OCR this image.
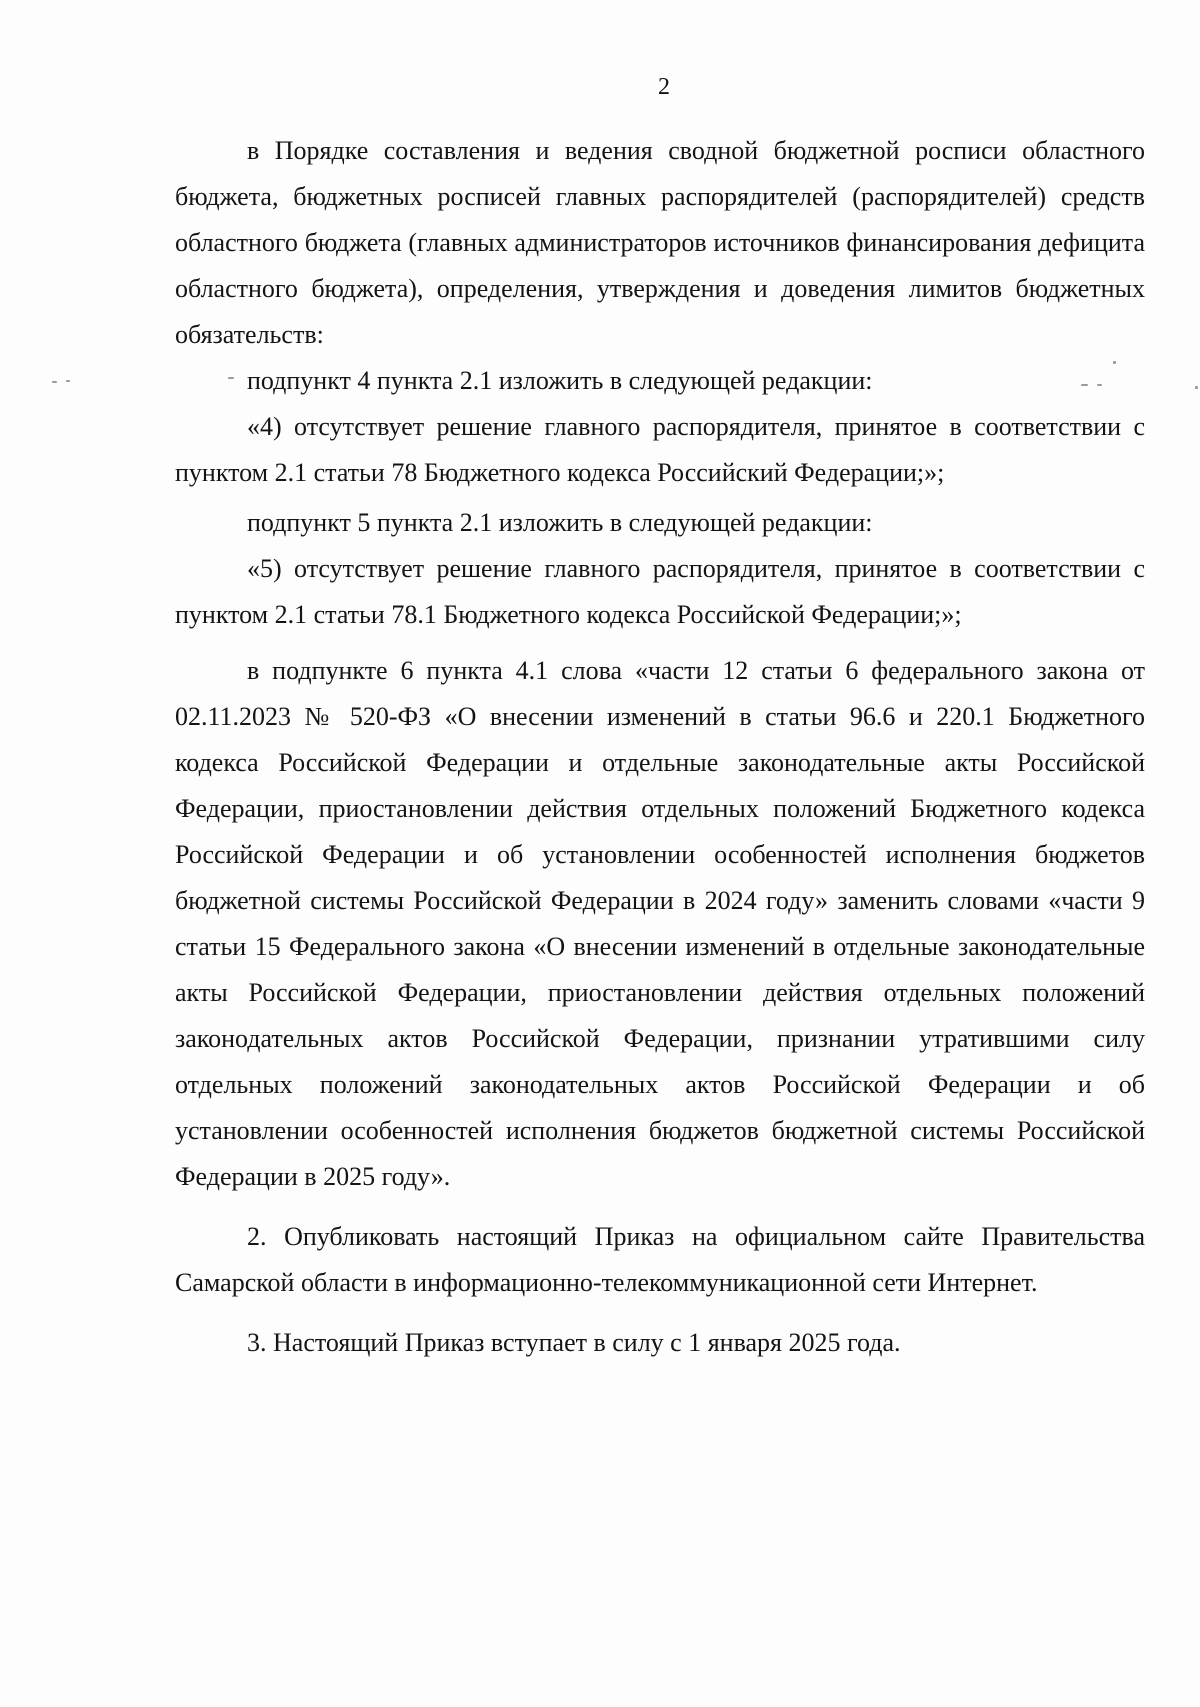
2

в Порядке составления и ведения сводной бюджетной росписи областного бюджета, бюджетных росписей главных распорядителей (распорядителей) средств областного бюджета (главных администраторов источников финансирования дефицита областного бюджета), определения, утверждения и доведения лимитов бюджетных обязательств:

подпункт 4 пункта 2.1 изложить в следующей редакции:

«4) отсутствует решение главного распорядителя, принятое в соответствии с пунктом 2.1 статьи 78 Бюджетного кодекса Российский Федерации;»;

подпункт 5 пункта 2.1 изложить в следующей редакции:

«5) отсутствует решение главного распорядителя, принятое в соответствии с пунктом 2.1 статьи 78.1 Бюджетного кодекса Российской Федерации;»;

в подпункте 6 пункта 4.1 слова «части 12 статьи 6 федерального закона от 02.11.2023 № 520-ФЗ «О внесении изменений в статьи 96.6 и 220.1 Бюджетного кодекса Российской Федерации и отдельные законодательные акты Российской Федерации, приостановлении действия отдельных положений Бюджетного кодекса Российской Федерации и об установлении особенностей исполнения бюджетов бюджетной системы Российской Федерации в 2024 году» заменить словами «части 9 статьи 15 Федерального закона «О внесении изменений в отдельные законодательные акты Российской Федерации, приостановлении действия отдельных положений законодательных актов Российской Федерации, признании утратившими силу отдельных положений законодательных актов Российской Федерации и об установлении особенностей исполнения бюджетов бюджетной системы Российской Федерации в 2025 году».

2. Опубликовать настоящий Приказ на официальном сайте Правительства Самарской области в информационно-телекоммуникационной сети Интернет.

3. Настоящий Приказ вступает в силу с 1 января 2025 года.
